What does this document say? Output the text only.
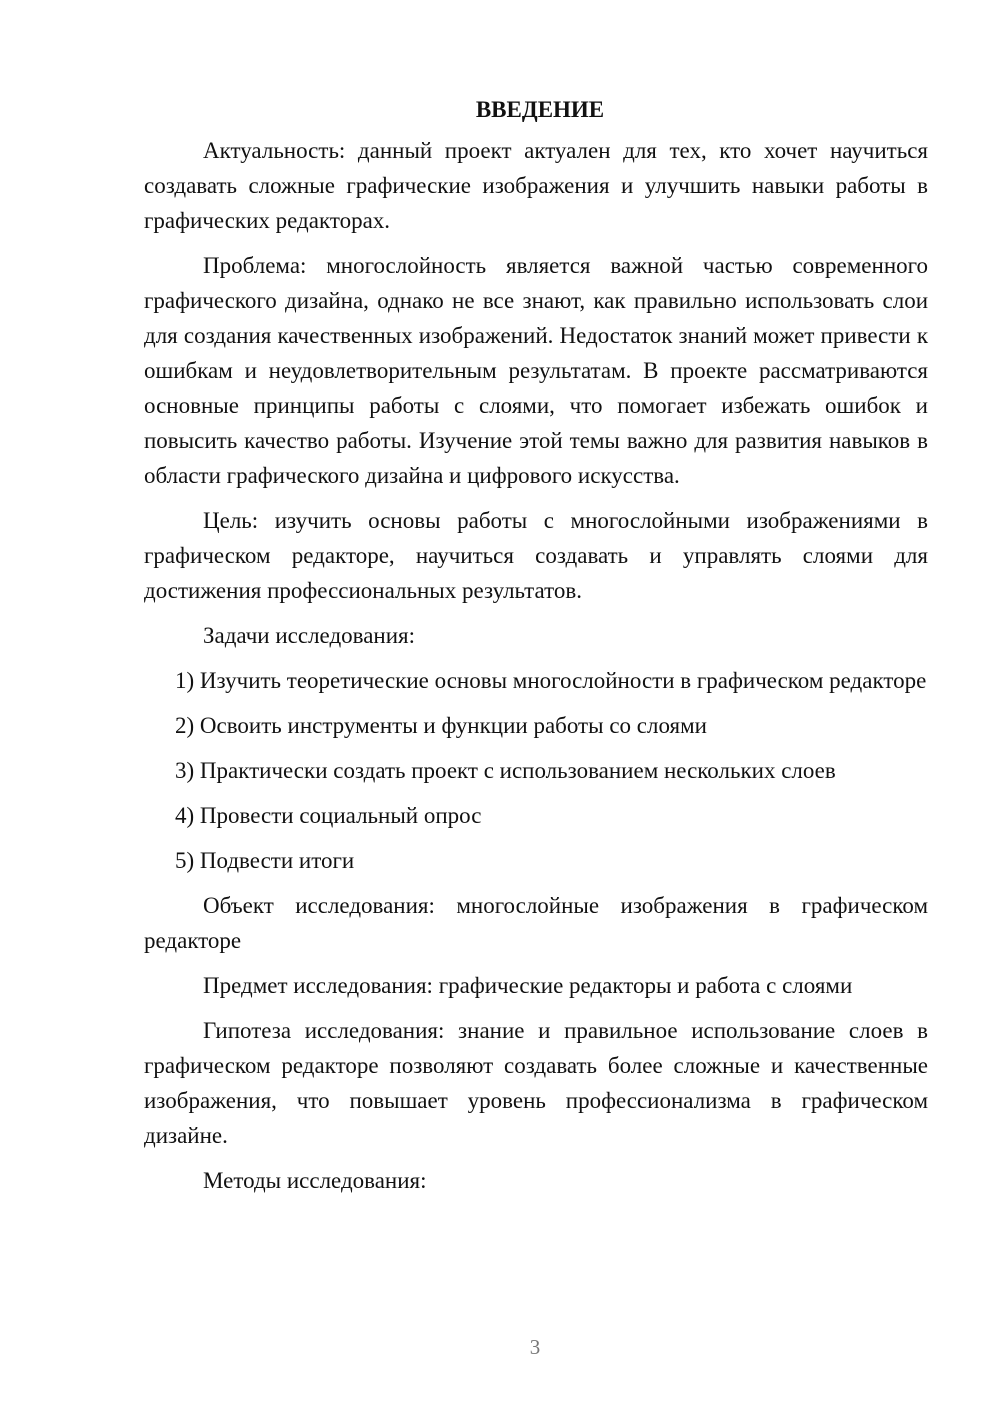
ВВЕДЕНИЕ

Актуальность: данный проект актуален для тех, кто хочет научиться создавать сложные графические изображения и улучшить навыки работы в графических редакторах.

Проблема: многослойность является важной частью современного графического дизайна, однако не все знают, как правильно использовать слои для создания качественных изображений. Недостаток знаний может привести к ошибкам и неудовлетворительным результатам. В проекте рассматриваются основные принципы работы с слоями, что помогает избежать ошибок и повысить качество работы. Изучение этой темы важно для развития навыков в области графического дизайна и цифрового искусства.

Цель: изучить основы работы с многослойными изображениями в графическом редакторе, научиться создавать и управлять слоями для достижения профессиональных результатов.

Задачи исследования:

1) Изучить теоретические основы многослойности в графическом редакторе

2) Освоить инструменты и функции работы со слоями

3) Практически создать проект с использованием нескольких слоев

4) Провести социальный опрос

5) Подвести итоги

Объект исследования: многослойные изображения в графическом редакторе

Предмет исследования: графические редакторы и работа с слоями

Гипотеза исследования: знание и правильное использование слоев в графическом редакторе позволяют создавать более сложные и качественные изображения, что повышает уровень профессионализма в графическом дизайне.

Методы исследования:

3
